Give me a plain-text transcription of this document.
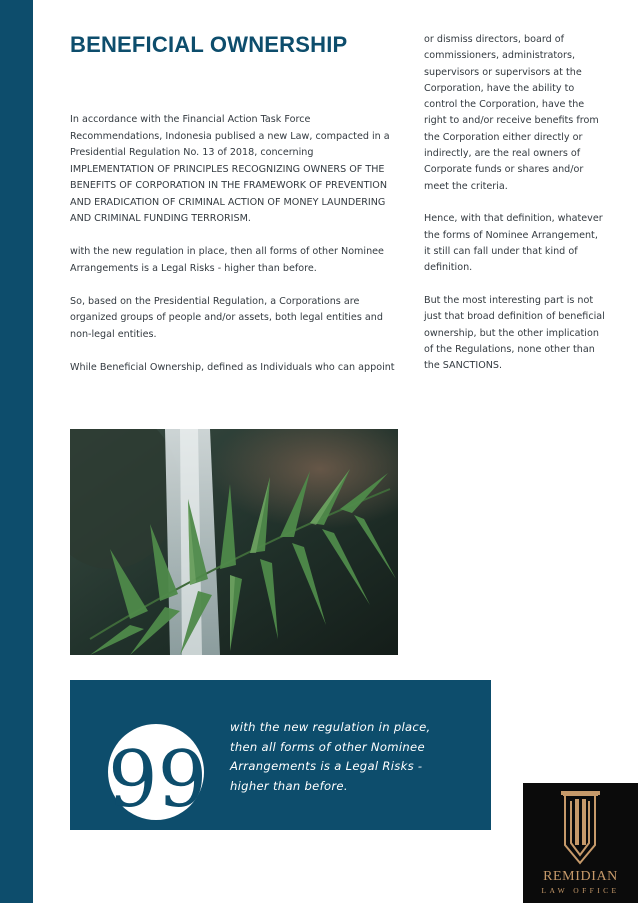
BENEFICIAL OWNERSHIP

In accordance with the Financial Action Task Force Recommendations, Indonesia publised a new Law, compacted in a Presidential Regulation No. 13 of 2018, concerning IMPLEMENTATION OF PRINCIPLES RECOGNIZING OWNERS OF THE BENEFITS OF CORPORATION IN THE FRAMEWORK OF PREVENTION AND ERADICATION OF CRIMINAL ACTION OF MONEY LAUNDERING AND CRIMINAL FUNDING TERRORISM.

with the new regulation in place, then all forms of other Nominee Arrangements is a Legal Risks - higher than before.

So, based on the Presidential Regulation, a Corporations are organized groups of people and/or assets, both legal entities and non-legal entities.

While Beneficial Ownership, defined as Individuals who can appoint

or dismiss directors, board of commissioners, administrators, supervisors or supervisors at the Corporation, have the ability to control the Corporation, have the right to and/or receive benefits from the Corporation either directly or indirectly, are the real owners of Corporate funds or shares and/or meet the criteria.

Hence, with that definition, whatever the forms of Nominee Arrangement, it still can fall under that kind of definition.

But the most interesting part is not just that broad definition of beneficial ownership, but the other implication of the Regulations, none other than the SANCTIONS.

99
with the new regulation in place, then all forms of other Nominee Arrangements is a Legal Risks - higher than before.
REMIDIAN
LAW OFFICE
